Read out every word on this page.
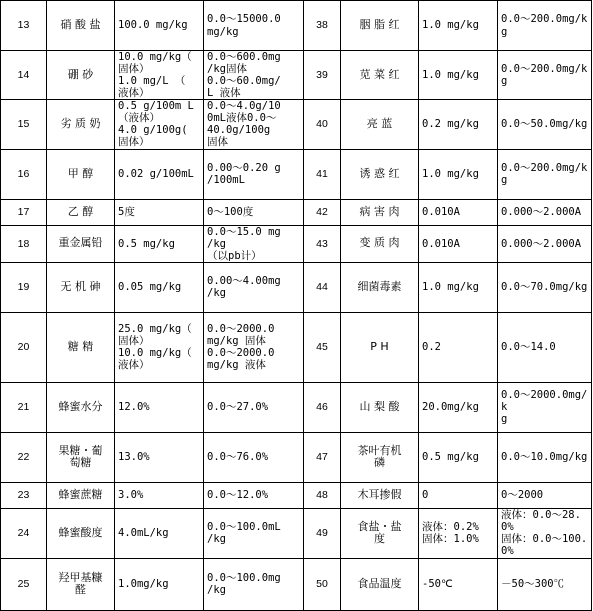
13	硝 酸 盐	100.0 mg/kg	0.0～15000.0
mg/kg	38	胭 脂 红	1.0 mg/kg	0.0～200.0mg/kg
14	硼 砂	10.0 mg/kg（
固体）
1.0 mg/L （
液体）	0.0～600.0mg
/kg固体
0.0～60.0mg/
L 液体	39	苋 菜 红	1.0 mg/kg	0.0～200.0mg/kg
15	劣 质 奶	0.5 g/100m L
（液体）
4.0 g/100g(
固体）	0.0～4.0g/10
0mL液体0.0～
40.0g/100g
固体	40	亮 蓝	0.2 mg/kg	0.0～50.0mg/kg
16	甲 醇	0.02 g/100mL	0.00～0.20 g
/100mL	41	诱 惑 红	1.0 mg/kg	0.0～200.0mg/kg
17	乙 醇	5度	0～100度	42	病 害 肉	0.010A	0.000～2.000A
18	重金属铅	0.5 mg/kg	0.0～15.0 mg
/kg
（以pb计）	43	变 质 肉	0.010A	0.000～2.000A
19	无 机 砷	0.05 mg/kg	0.00～4.00mg
/kg	44	细菌毒素	1.0 mg/kg	0.0～70.0mg/kg
20	糖 精	25.0 mg/kg（
固体）
10.0 mg/kg（
液体）	0.0～2000.0
mg/kg 固体
0.0～2000.0
mg/kg 液体	45	P H	0.2	0.0～14.0
21	蜂蜜水分	12.0%	0.0～27.0%	46	山 梨 酸	20.0mg/kg	0.0～2000.0mg/k
g
22	果糖・葡
萄糖	13.0%	0.0～76.0%	47	茶叶有机
磷	0.5 mg/kg	0.0～10.0mg/kg
23	蜂蜜蔗糖	3.0%	0.0～12.0%	48	木耳掺假	0	0～2000
24	蜂蜜酸度	4.0mL/kg	0.0～100.0mL
/kg	49	食盐・盐
度	液体：0.2%
固体：1.0%	液体：0.0～28.0%
固体：0.0～100.0%
25	羟甲基糠
醛	1.0mg/kg	0.0～100.0mg
/kg	50	食品温度	-50℃	－50～300℃
